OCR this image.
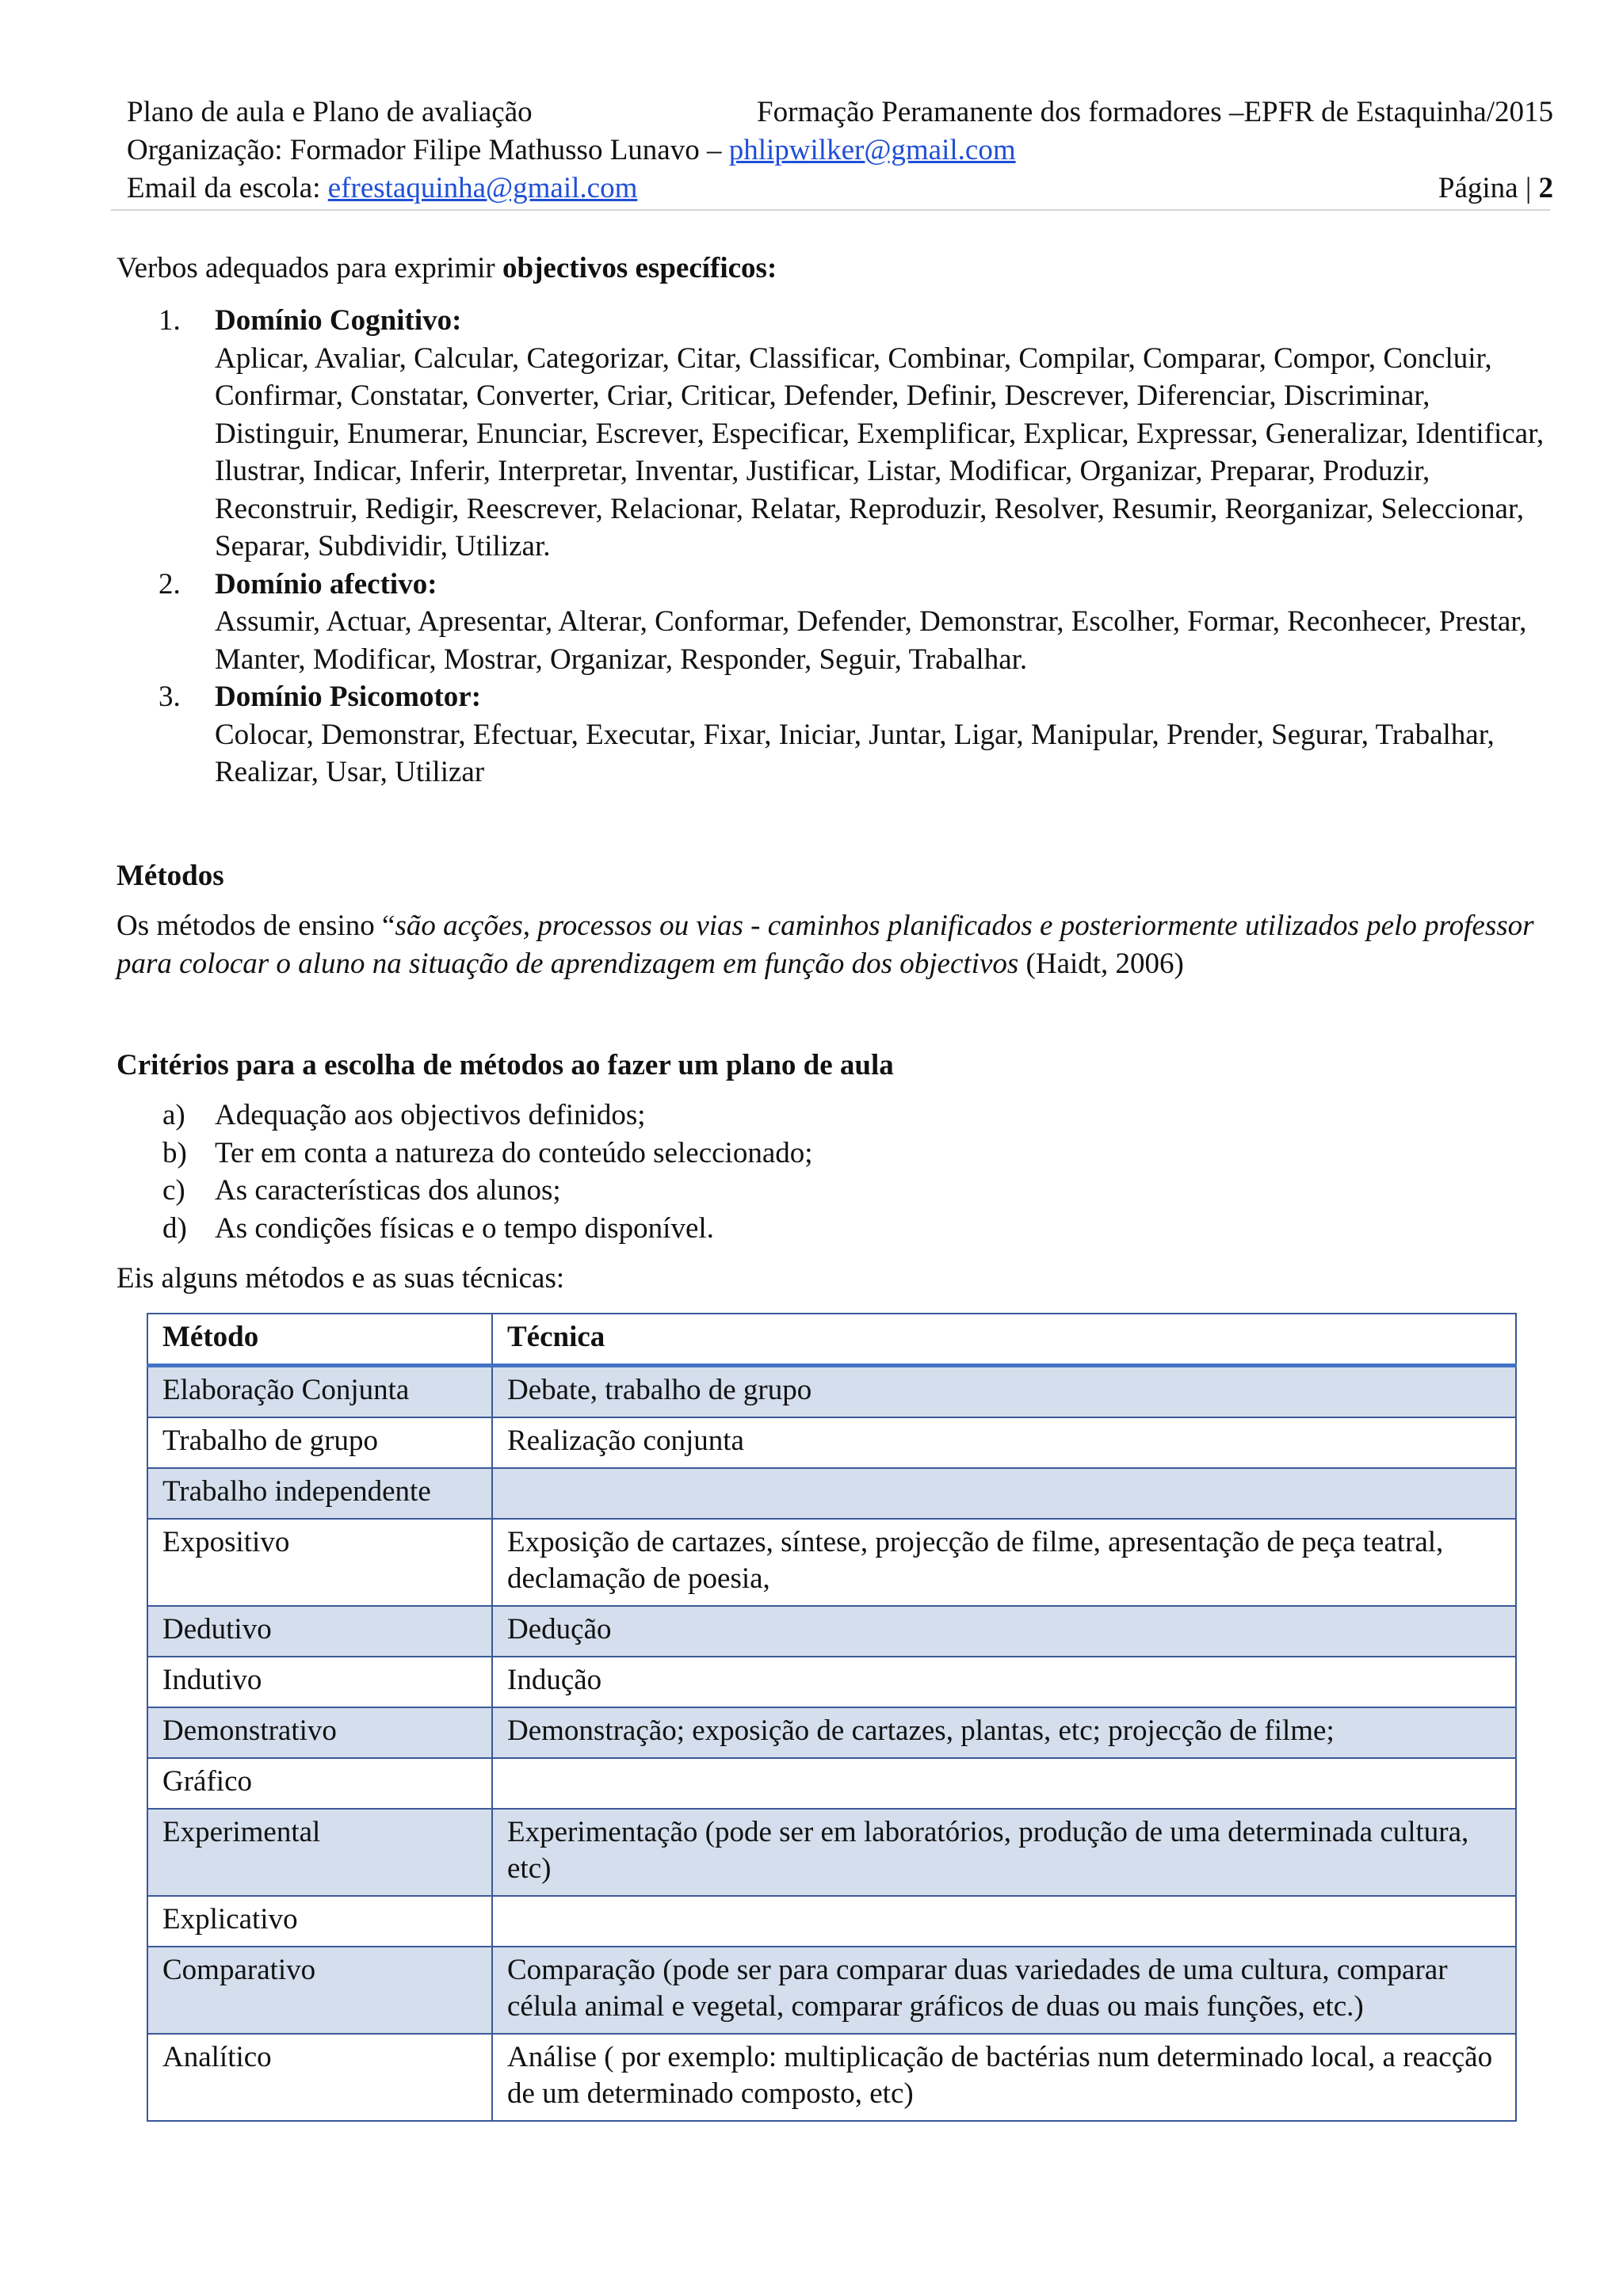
Plano de aula e Plano de avaliação	Formação Peramanente dos formadores –EPFR de Estaquinha/2015
Organização: Formador Filipe Mathusso Lunavo – phlipwilker@gmail.com
Email da escola: efrestaquinha@gmail.com	Página | 2
Verbos adequados para exprimir objectivos específicos:
1.	Domínio Cognitivo:

Aplicar, Avaliar, Calcular, Categorizar, Citar, Classificar, Combinar, Compilar, Comparar, Compor, Concluir, Confirmar, Constatar, Converter, Criar, Criticar, Defender, Definir, Descrever, Diferenciar, Discriminar, Distinguir, Enumerar, Enunciar, Escrever, Especificar, Exemplificar, Explicar, Expressar, Generalizar, Identificar, Ilustrar, Indicar, Inferir, Interpretar, Inventar, Justificar, Listar, Modificar, Organizar, Preparar, Produzir, Reconstruir, Redigir, Reescrever, Relacionar, Relatar, Reproduzir, Resolver, Resumir, Reorganizar, Seleccionar, Separar, Subdividir, Utilizar.

2.	Domínio afectivo:

Assumir, Actuar, Apresentar, Alterar, Conformar, Defender, Demonstrar, Escolher, Formar, Reconhecer, Prestar, Manter, Modificar, Mostrar, Organizar, Responder, Seguir, Trabalhar.

3.	Domínio Psicomotor:

Colocar, Demonstrar, Efectuar, Executar, Fixar, Iniciar, Juntar, Ligar, Manipular, Prender, Segurar, Trabalhar, Realizar, Usar, Utilizar

Métodos
Os métodos de ensino “são acções, processos ou vias - caminhos planificados e posteriormente utilizados pelo professor para colocar o aluno na situação de aprendizagem em função dos objectivos (Haidt, 2006)
Critérios para a escolha de métodos ao fazer um plano de aula
a)	Adequação aos objectivos definidos;
b) Ter em conta a natureza do conteúdo seleccionado;
c)	As características dos alunos;
d) As condições físicas e o tempo disponível.
Eis alguns métodos e as suas técnicas:
Método	Técnica
Elaboração Conjunta	Debate, trabalho de grupo
Trabalho de grupo	Realização conjunta
Trabalho independente	
Expositivo	Exposição de cartazes, síntese, projecção de filme, apresentação de peça teatral, declamação de poesia,
Dedutivo	Dedução
Indutivo	Indução
Demonstrativo	Demonstração; exposição de cartazes, plantas, etc; projecção de filme;
Gráfico	
Experimental	Experimentação (pode ser em laboratórios, produção de uma determinada cultura, etc)
Explicativo	
Comparativo	Comparação (pode ser para comparar duas variedades de uma cultura, comparar célula animal e vegetal, comparar gráficos de duas ou mais funções, etc.)
Analítico	Análise ( por exemplo: multiplicação de bactérias num determinado local, a reacção de um determinado composto, etc)
